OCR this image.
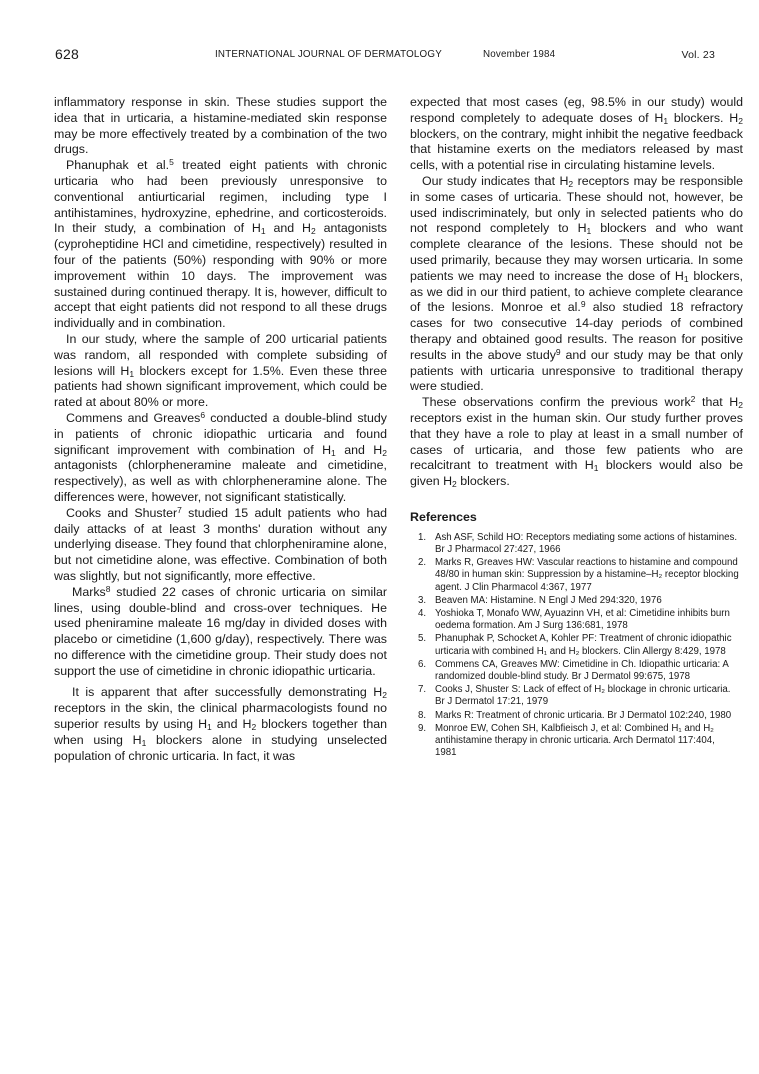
628	INTERNATIONAL JOURNAL OF DERMATOLOGY	November 1984	Vol. 23

inflammatory response in skin. These studies support the idea that in urticaria, a histamine-mediated skin response may be more effectively treated by a combination of the two drugs.

Phanuphak et al.$^5$ treated eight patients with chronic urticaria who had been previously unresponsive to conventional antiurticarial regimen, including type I antihistamines, hydroxyzine, ephedrine, and corticosteroids. In their study, a combination of $H_1$ and $H_2$ antagonists (cyproheptidine HCl and cimetidine, respectively) resulted in four of the patients (50%) responding with 90% or more improvement within 10 days. The improvement was sustained during continued therapy. It is, however, difficult to accept that eight patients did not respond to all these drugs individually and in combination.

In our study, where the sample of 200 urticarial patients was random, all responded with complete subsiding of lesions will $H_1$ blockers except for 1.5%. Even these three patients had shown significant improvement, which could be rated at about 80% or more.

Commens and Greaves$^6$ conducted a double-blind study in patients of chronic idiopathic urticaria and found significant improvement with combination of $H_1$ and $H_2$ antagonists (chlorpheneramine maleate and cimetidine, respectively), as well as with chlorpheneramine alone. The differences were, however, not significant statistically.

Cooks and Shuster$^7$ studied 15 adult patients who had daily attacks of at least 3 months' duration without any underlying disease. They found that chlorpheniramine alone, but not cimetidine alone, was effective. Combination of both was slightly, but not significantly, more effective.

Marks$^8$ studied 22 cases of chronic urticaria on similar lines, using double-blind and cross-over techniques. He used pheniramine maleate 16 mg/day in divided doses with placebo or cimetidine (1,600 g/day), respectively. There was no difference with the cimetidine group. Their study does not support the use of cimetidine in chronic idiopathic urticaria.

It is apparent that after successfully demonstrating $H_2$ receptors in the skin, the clinical pharmacologists found no superior results by using $H_1$ and $H_2$ blockers together than when using $H_1$ blockers alone in studying unselected population of chronic urticaria. In fact, it was

expected that most cases (eg, 98.5% in our study) would respond completely to adequate doses of $H_1$ blockers. $H_2$ blockers, on the contrary, might inhibit the negative feedback that histamine exerts on the mediators released by mast cells, with a potential rise in circulating histamine levels.

Our study indicates that $H_2$ receptors may be responsible in some cases of urticaria. These should not, however, be used indiscriminately, but only in selected patients who do not respond completely to $H_1$ blockers and who want complete clearance of the lesions. These should not be used primarily, because they may worsen urticaria. In some patients we may need to increase the dose of $H_1$ blockers, as we did in our third patient, to achieve complete clearance of the lesions. Monroe et al.$^9$ also studied 18 refractory cases for two consecutive 14-day periods of combined therapy and obtained good results. The reason for positive results in the above study$^9$ and our study may be that only patients with urticaria unresponsive to traditional therapy were studied.

These observations confirm the previous work$^2$ that $H_2$ receptors exist in the human skin. Our study further proves that they have a role to play at least in a small number of cases of urticaria, and those few patients who are recalcitrant to treatment with $H_1$ blockers would also be given $H_2$ blockers.

References
1. Ash ASF, Schild HO: Receptors mediating some actions of histamines. Br J Pharmacol 27:427, 1966
2. Marks R, Greaves HW: Vascular reactions to histamine and compound 48/80 in human skin: Suppression by a histamine–H₂ receptor blocking agent. J Clin Pharmacol 4:367, 1977
3. Beaven MA: Histamine. N Engl J Med 294:320, 1976
4. Yoshioka T, Monafo WW, Ayuazinn VH, et al: Cimetidine inhibits burn oedema formation. Am J Surg 136:681, 1978
5. Phanuphak P, Schocket A, Kohler PF: Treatment of chronic idiopathic urticaria with combined H₁ and H₂ blockers. Clin Allergy 8:429, 1978
6. Commens CA, Greaves MW: Cimetidine in Ch. Idiopathic urticaria: A randomized double-blind study. Br J Dermatol 99:675, 1978
7. Cooks J, Shuster S: Lack of effect of H₂ blockage in chronic urticaria. Br J Dermatol 17:21, 1979
8. Marks R: Treatment of chronic urticaria. Br J Dermatol 102:240, 1980
9. Monroe EW, Cohen SH, Kalbfieisch J, et al: Combined H₁ and H₂ antihistamine therapy in chronic urticaria. Arch Dermatol 117:404, 1981
